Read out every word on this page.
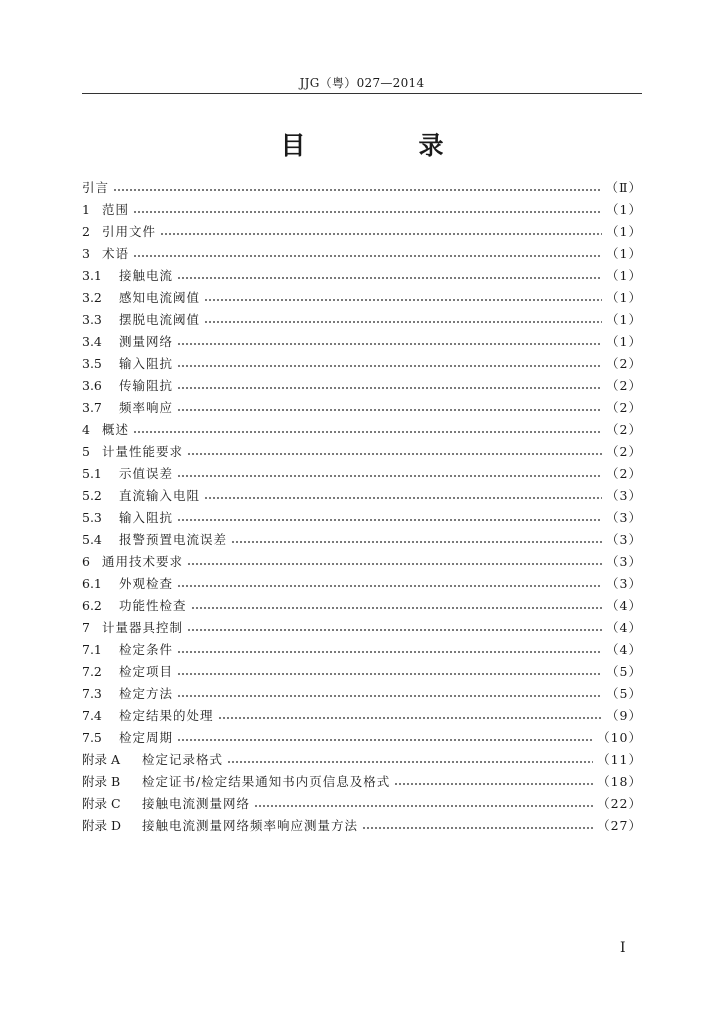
JJG（粤）027—2014
目　录
引言	（Ⅱ）
1 范围	（1）
2 引用文件	（1）
3 术语	（1）
3.1	接触电流	（1）
3.2	感知电流阈值	（1）
3.3	摆脱电流阈值	（1）
3.4	测量网络	（1）
3.5	输入阻抗	（2）
3.6	传输阻抗	（2）
3.7	频率响应	（2）
4 概述	（2）
5 计量性能要求	（2）
5.1	示值误差	（2）
5.2	直流输入电阻	（3）
5.3	输入阻抗	（3）
5.4	报警预置电流误差	（3）
6 通用技术要求	（3）
6.1	外观检查	（3）
6.2	功能性检查	（4）
7 计量器具控制	（4）
7.1	检定条件	（4）
7.2	检定项目	（5）
7.3	检定方法	（5）
7.4	检定结果的处理	（9）
7.5	检定周期	（10）
附录 A	检定记录格式	（11）
附录 B	检定证书/检定结果通知书内页信息及格式	（18）
附录 C	接触电流测量网络	（22）
附录 D	接触电流测量网络频率响应测量方法	（27）
I
